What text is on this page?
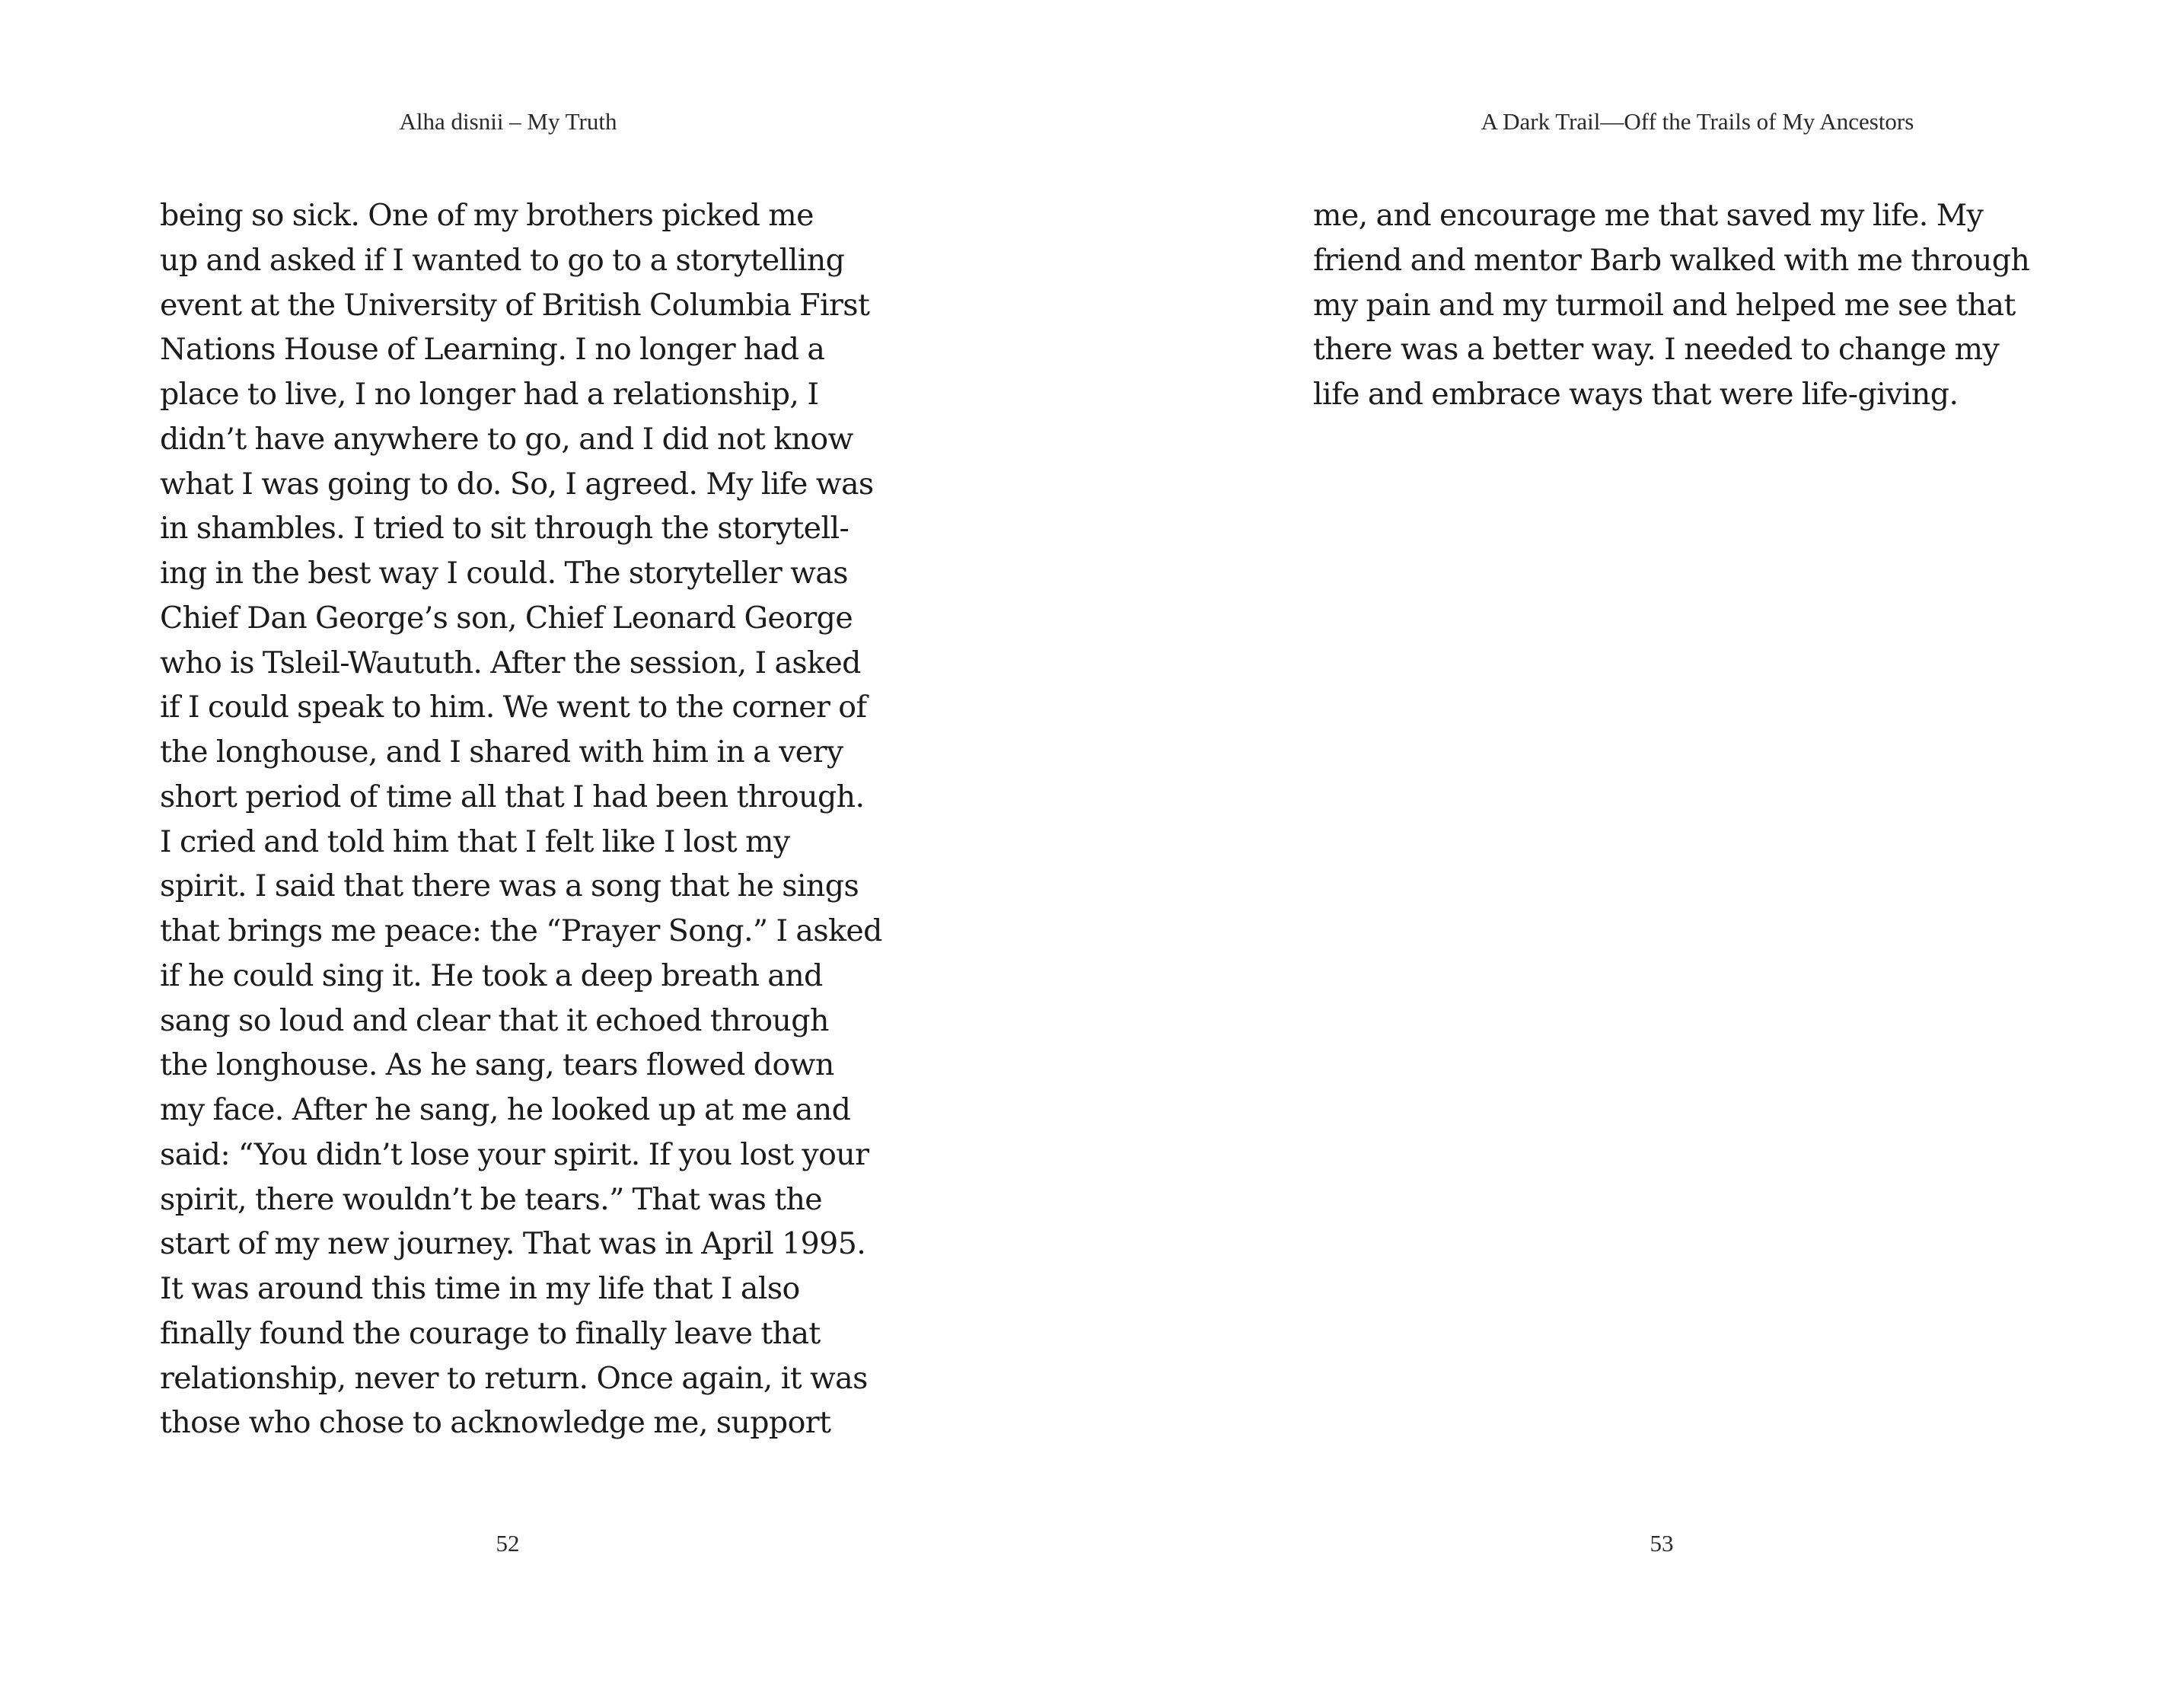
Alha disnii – My Truth
being so sick. One of my brothers picked me
up and asked if I wanted to go to a storytelling
event at the University of British Columbia First
Nations House of Learning. I no longer had a
place to live, I no longer had a relationship, I
didn’t have anywhere to go, and I did not know
what I was going to do. So, I agreed. My life was
in shambles. I tried to sit through the storytell-
ing in the best way I could. The storyteller was
Chief Dan George’s son, Chief Leonard George
who is Tsleil-Waututh. After the session, I asked
if I could speak to him. We went to the corner of
the longhouse, and I shared with him in a very
short period of time all that I had been through.
I cried and told him that I felt like I lost my
spirit. I said that there was a song that he sings
that brings me peace: the “Prayer Song.” I asked
if he could sing it. He took a deep breath and
sang so loud and clear that it echoed through
the longhouse. As he sang, tears flowed down
my face. After he sang, he looked up at me and
said: “You didn’t lose your spirit. If you lost your
spirit, there wouldn’t be tears.” That was the
start of my new journey. That was in April 1995.
It was around this time in my life that I also
finally found the courage to finally leave that
relationship, never to return. Once again, it was
those who chose to acknowledge me, support
52
A Dark Trail—Off the Trails of My Ancestors
me, and encourage me that saved my life. My
friend and mentor Barb walked with me through
my pain and my turmoil and helped me see that
there was a better way. I needed to change my
life and embrace ways that were life-giving.
53
